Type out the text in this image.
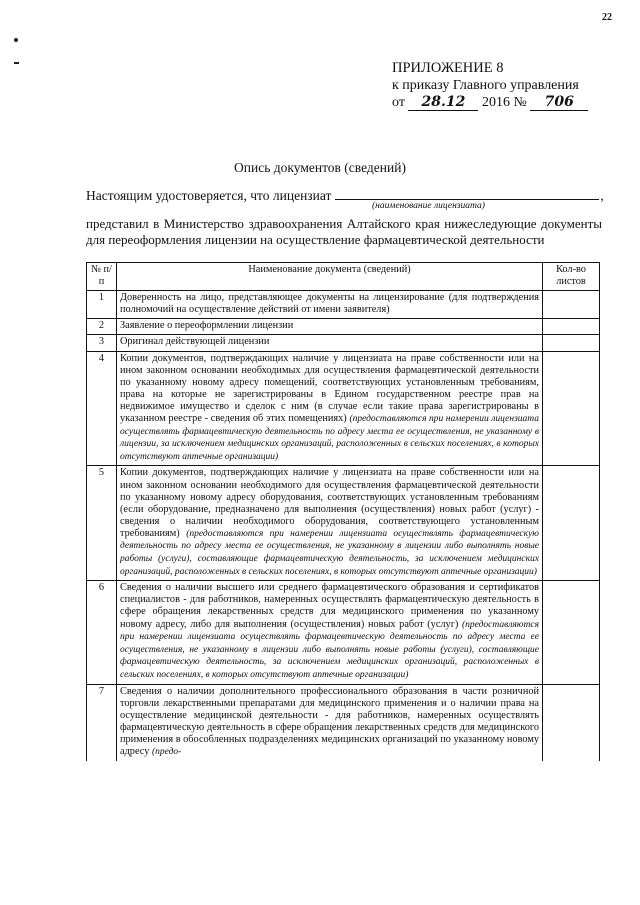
22
ПРИЛОЖЕНИЕ 8
к приказу Главного управления
от 28.12 2016 № 706
Опись документов (сведений)
Настоящим удостоверяется, что лицензиат	,
(наименование лицензиата)
представил в Министерство здравоохранения Алтайского края нижеследующие документы для переоформления лицензии на осуществление фармацевтической деятельности
№ п/п	Наименование документа (сведений)	Кол-во листов
1	Доверенность на лицо, представляющее документы на лицензирование (для подтверждения полномочий на осуществление действий от имени заявителя)	
2	Заявление о переоформлении лицензии	
3	Оригинал действующей лицензии	
4	Копии документов, подтверждающих наличие у лицензиата на праве собственности или на ином законном основании необходимых для осуществления фармацевтической деятельности по указанному новому адресу помещений, соответствующих установленным требованиям, права на которые не зарегистрированы в Едином государственном реестре прав на недвижимое имущество и сделок с ним (в случае если такие права зарегистрированы в указанном реестре - сведения об этих помещениях) (предоставляются при намерении лицензиата осуществлять фармацевтическую деятельность по адресу места ее осуществления, не указанному в лицензии, за исключением медицинских организаций, расположенных в сельских поселениях, в которых отсутствуют аптечные организации)	
5	Копии документов, подтверждающих наличие у лицензиата на праве собственности или на ином законном основании необходимого для осуществления фармацевтической деятельности по указанному новому адресу оборудования, соответствующих установленным требованиям (если оборудование, предназначено для выполнения (осуществления) новых работ (услуг) - сведения о наличии необходимого оборудования, соответствующего установленным требованиям) (предоставляются при намерении лицензиата осуществлять фармацевтическую деятельность по адресу места ее осуществления, не указанному в лицензии либо выполнять новые работы (услуги), составляющие фармацевтическую деятельность, за исключением медицинских организаций, расположенных в сельских поселениях, в которых отсутствуют аптечные организации)	
6	Сведения о наличии высшего или среднего фармацевтического образования и сертификатов специалистов - для работников, намеренных осуществлять фармацевтическую деятельность в сфере обращения лекарственных средств для медицинского применения по указанному новому адресу, либо для выполнения (осуществления) новых работ (услуг) (предоставляются при намерении лицензиата осуществлять фармацевтическую деятельность по адресу места ее осуществления, не указанному в лицензии либо выполнять новые работы (услуги), составляющие фармацевтическую деятельность, за исключением медицинских организаций, расположенных в сельских поселениях, в которых отсутствуют аптечные организации)	
7	Сведения о наличии дополнительного профессионального образования в части розничной торговли лекарственными препаратами для медицинского применения и о наличии права на осуществление медицинской деятельности - для работников, намеренных осуществлять фармацевтическую деятельность в сфере обращения лекарственных средств для медицинского применения в обособленных подразделениях медицинских организаций по указанному новому адресу (предо-	
